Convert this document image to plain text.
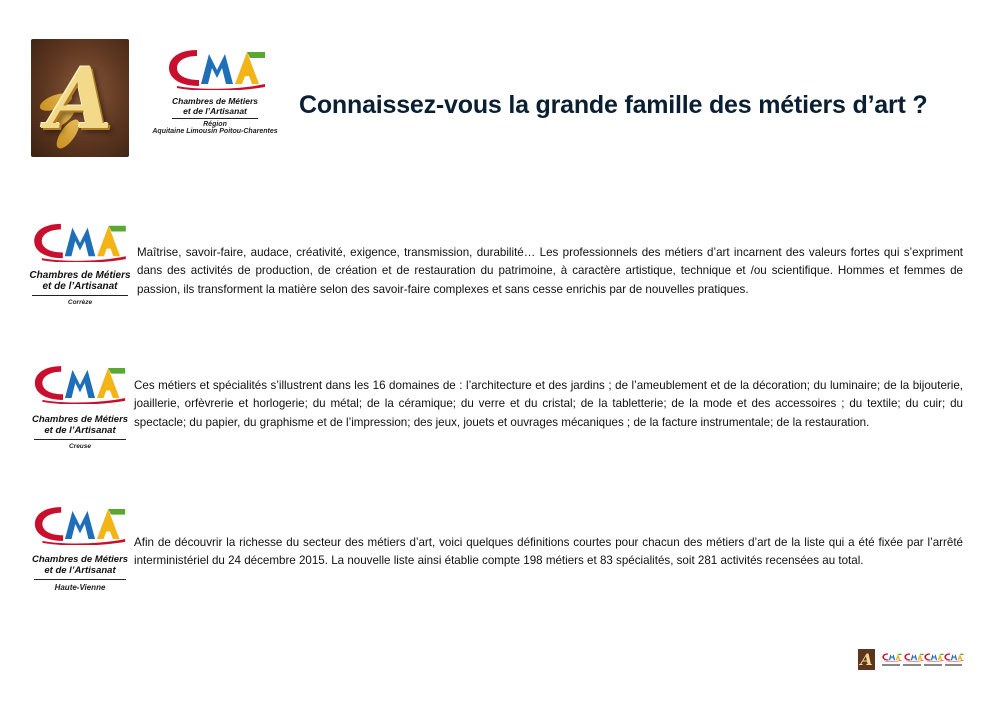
A	Chambres de Métiers
et de l’Artisanat
Région
Aquitaine Limousin Poitou-Charentes
Connaissez-vous la grande famille des métiers d’art ?
Chambres de Métiers
et de l’Artisanat
Corrèze
Maîtrise, savoir-faire, audace, créativité, exigence, transmission, durabilité… Les professionnels des métiers d’art incarnent des valeurs fortes qui s’expriment dans des activités de production, de création et de restauration du patrimoine, à caractère artistique, technique et /ou scientifique. Hommes et femmes de passion, ils transforment la matière selon des savoir-faire complexes et sans cesse enrichis par de nouvelles pratiques.
Chambres de Métiers
et de l’Artisanat
Creuse
Ces métiers et spécialités s’illustrent dans les 16 domaines de : l’architecture et des jardins ; de l’ameublement et de la décoration; du luminaire; de la bijouterie, joaillerie, orfèvrerie et horlogerie; du métal; de la céramique; du verre et du cristal; de la tabletterie; de la mode et des accessoires ; du textile; du cuir; du spectacle; du papier, du graphisme et de l’impression; des jeux, jouets et ouvrages mécaniques ; de la facture instrumentale; de la restauration.
Chambres de Métiers
et de l’Artisanat
Haute-Vienne
Afin de découvrir la richesse du secteur des métiers d’art, voici quelques définitions courtes pour chacun des métiers d’art de la liste qui a été fixée par l’arrêté interministériel du 24 décembre 2015. La nouvelle liste ainsi établie compte 198 métiers et 83 spécialités, soit 281 activités recensées au total.
A
